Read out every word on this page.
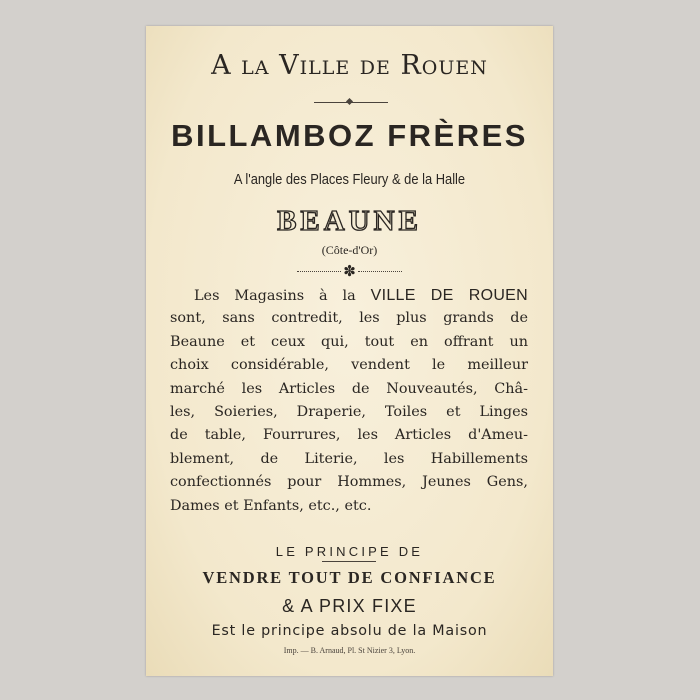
A la Ville de Rouen
BILLAMBOZ FRÈRES
A l'angle des Places Fleury & de la Halle
BEAUNE
(Côte-d'Or)
✽
Les Magasins à la VILLE DE ROUEN
sont, sans contredit, les plus grands de
Beaune et ceux qui, tout en offrant un
choix considérable, vendent le meilleur
marché les Articles de Nouveautés, Châ-
les, Soieries, Draperie, Toiles et Linges
de table, Fourrures, les Articles d'Ameu-
blement, de Literie, les Habillements
confectionnés pour Hommes, Jeunes Gens,
Dames et Enfants, etc., etc.
LE PRINCIPE DE
VENDRE TOUT DE CONFIANCE
& A PRIX FIXE
Est le principe absolu de la Maison
Imp. — B. Arnaud, Pl. St Nizier 3, Lyon.
